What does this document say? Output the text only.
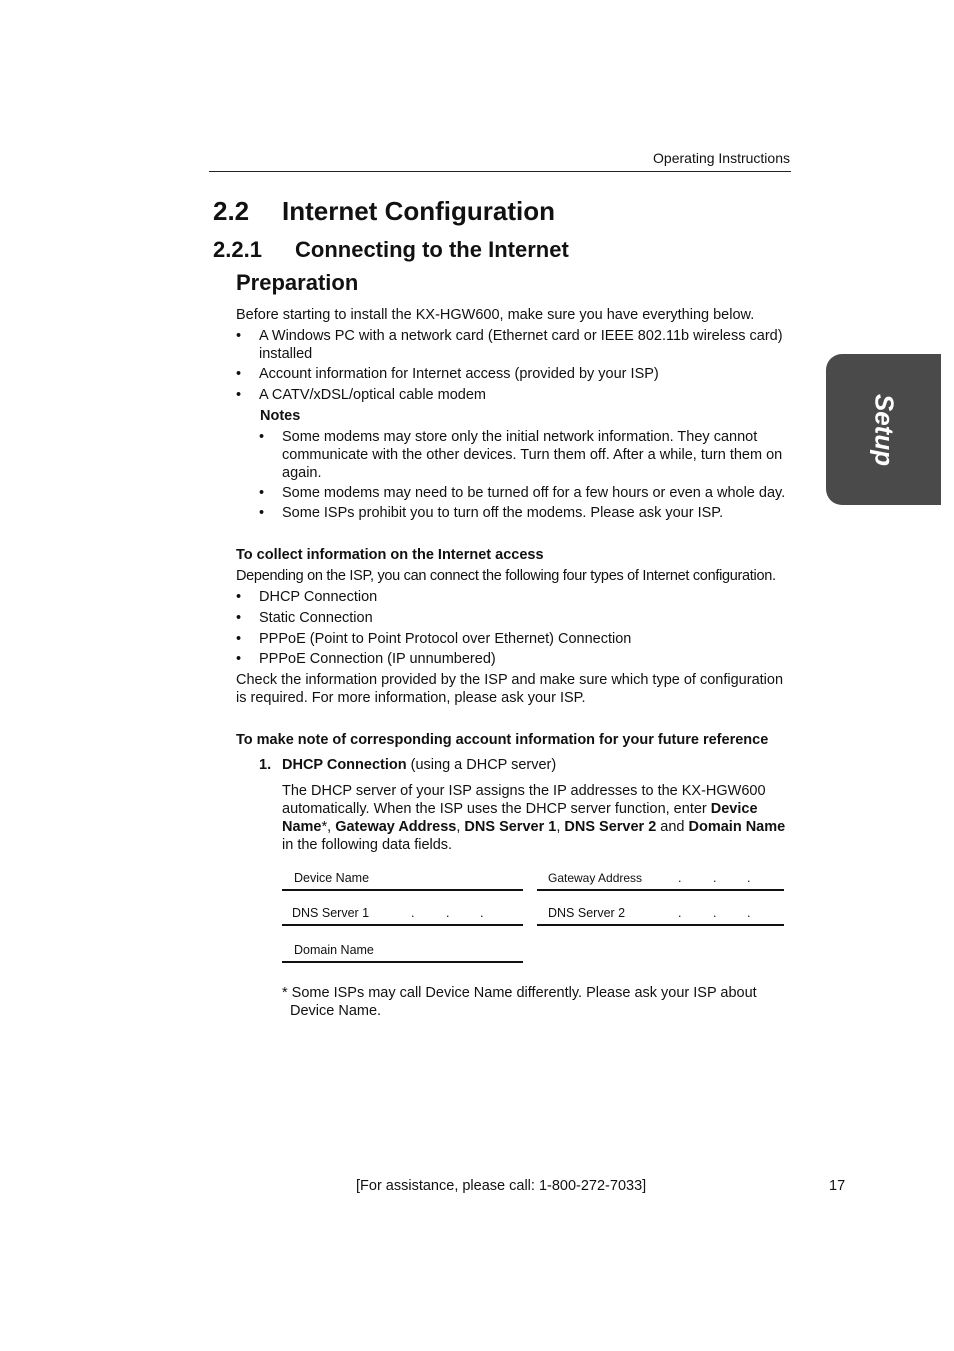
Operating Instructions
2.2 Internet Configuration
2.2.1 Connecting to the Internet
Preparation
Before starting to install the KX-HGW600, make sure you have everything below.
• A Windows PC with a network card (Ethernet card or IEEE 802.11b wireless card) installed
• Account information for Internet access (provided by your ISP)
• A CATV/xDSL/optical cable modem
Notes
• Some modems may store only the initial network information. They cannot communicate with the other devices. Turn them off. After a while, turn them on again.
• Some modems may need to be turned off for a few hours or even a whole day.
• Some ISPs prohibit you to turn off the modems. Please ask your ISP.
To collect information on the Internet access
Depending on the ISP, you can connect the following four types of Internet configuration.
• DHCP Connection
• Static Connection
• PPPoE (Point to Point Protocol over Ethernet) Connection
• PPPoE Connection (IP unnumbered)
Check the information provided by the ISP and make sure which type of configuration is required. For more information, please ask your ISP.
To make note of corresponding account information for your future reference
1. DHCP Connection (using a DHCP server)
The DHCP server of your ISP assigns the IP addresses to the KX-HGW600 automatically. When the ISP uses the DHCP server function, enter Device Name*, Gateway Address, DNS Server 1, DNS Server 2 and Domain Name in the following data fields.
Device Name	Gateway Address	.	. .
DNS Server 1	.	. .	DNS Server 2	.	. .
Domain Name
* Some ISPs may call Device Name differently. Please ask your ISP about Device Name.
Setup
[For assistance, please call: 1-800-272-7033]	17
